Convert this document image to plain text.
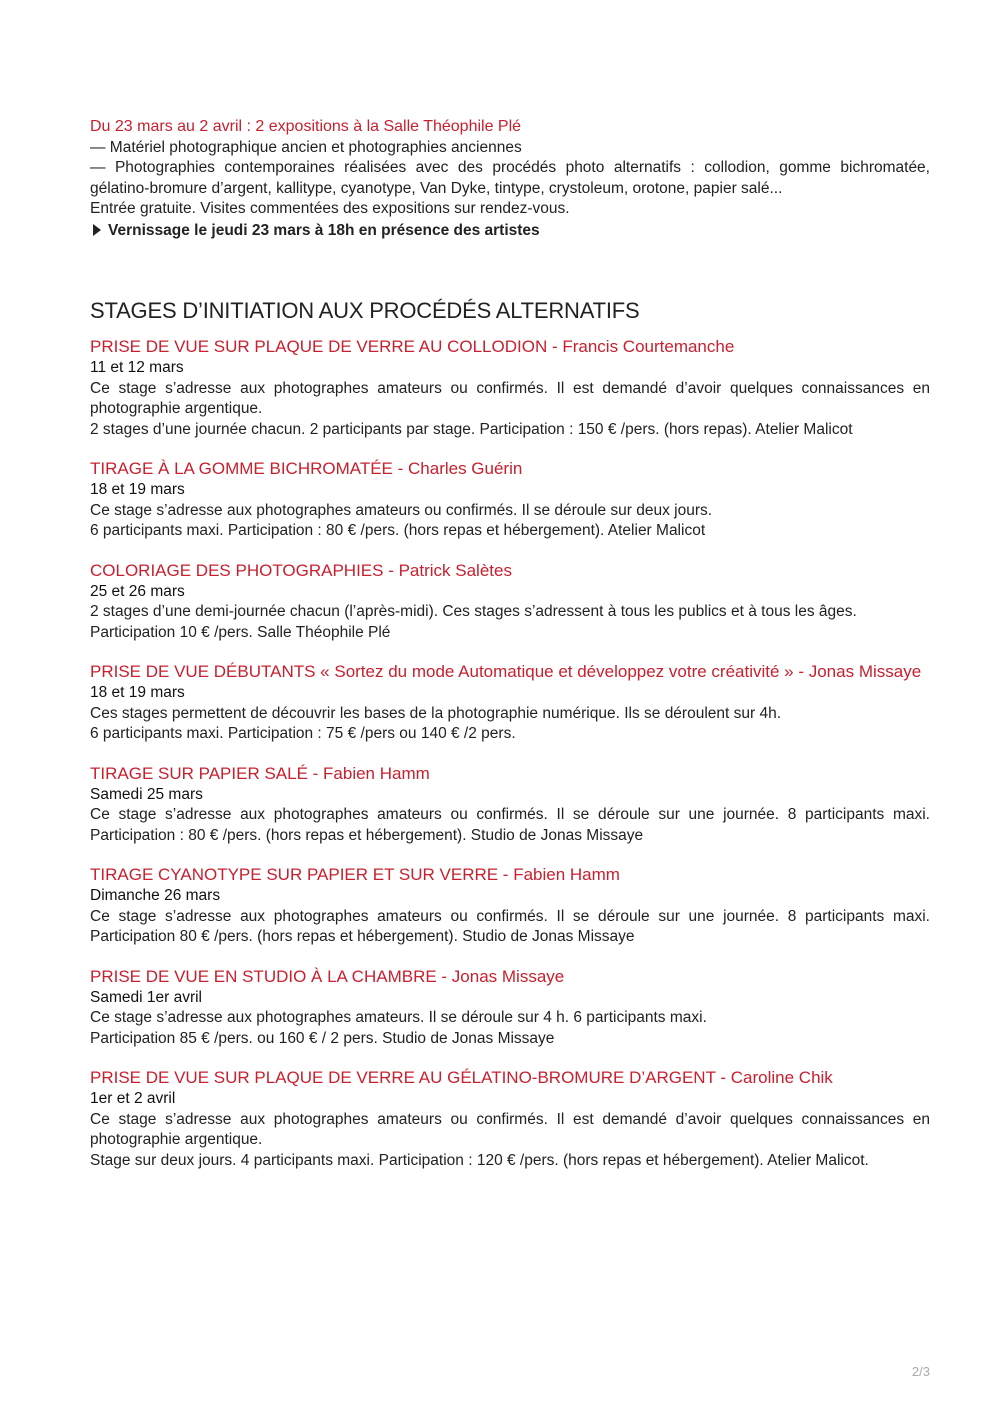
Du 23 mars au 2 avril : 2 expositions à la Salle Théophile Plé
— Matériel photographique ancien et photographies anciennes
— Photographies contemporaines réalisées avec des procédés photo alternatifs : collodion, gomme bichromatée, gélatino-bromure d’argent, kallitype, cyanotype, Van Dyke, tintype, crystoleum, orotone, papier salé...
Entrée gratuite. Visites commentées des expositions sur rendez-vous.
Vernissage le jeudi 23 mars à 18h en présence des artistes
STAGES D’INITIATION AUX PROCÉDÉS ALTERNATIFS
PRISE DE VUE SUR PLAQUE DE VERRE AU COLLODION - Francis Courtemanche
11 et 12 mars
Ce stage s’adresse aux photographes amateurs ou confirmés. Il est demandé d’avoir quelques connaissances en photographie argentique.
2 stages d’une journée chacun. 2 participants par stage. Participation : 150 € /pers. (hors repas). Atelier Malicot
TIRAGE À LA GOMME BICHROMATÉE - Charles Guérin
18 et 19 mars
Ce stage s’adresse aux photographes amateurs ou confirmés. Il se déroule sur deux jours.
6 participants maxi. Participation : 80 € /pers. (hors repas et hébergement). Atelier Malicot
COLORIAGE DES PHOTOGRAPHIES - Patrick Salètes
25 et 26 mars
2 stages d’une demi-journée chacun (l’après-midi). Ces stages s’adressent à tous les publics et à tous les âges.
Participation 10 € /pers. Salle Théophile Plé
PRISE DE VUE DÉBUTANTS « Sortez du mode Automatique et développez votre créativité » - Jonas Missaye
18 et 19 mars
Ces stages permettent de découvrir les bases de la photographie numérique. Ils se déroulent sur 4h.
6 participants maxi. Participation : 75 € /pers ou 140 € /2 pers.
TIRAGE SUR PAPIER SALÉ - Fabien Hamm
Samedi 25 mars
Ce stage s’adresse aux photographes amateurs ou confirmés. Il se déroule sur une journée. 8 participants maxi. Participation : 80 € /pers. (hors repas et hébergement). Studio de Jonas Missaye
TIRAGE CYANOTYPE SUR PAPIER ET SUR VERRE - Fabien Hamm
Dimanche 26 mars
Ce stage s’adresse aux photographes amateurs ou confirmés. Il se déroule sur une journée. 8 participants maxi. Participation 80 € /pers. (hors repas et hébergement). Studio de Jonas Missaye
PRISE DE VUE EN STUDIO À LA CHAMBRE - Jonas Missaye
Samedi 1er avril
Ce stage s’adresse aux photographes amateurs. Il se déroule sur 4 h. 6 participants maxi.
Participation 85 € /pers. ou 160 € / 2 pers. Studio de Jonas Missaye
PRISE DE VUE SUR PLAQUE DE VERRE AU GÉLATINO-BROMURE D’ARGENT - Caroline Chik
1er et 2 avril
Ce stage s’adresse aux photographes amateurs ou confirmés. Il est demandé d’avoir quelques connaissances en photographie argentique.
Stage sur deux jours. 4 participants maxi. Participation : 120 € /pers. (hors repas et hébergement). Atelier Malicot.
2/3
